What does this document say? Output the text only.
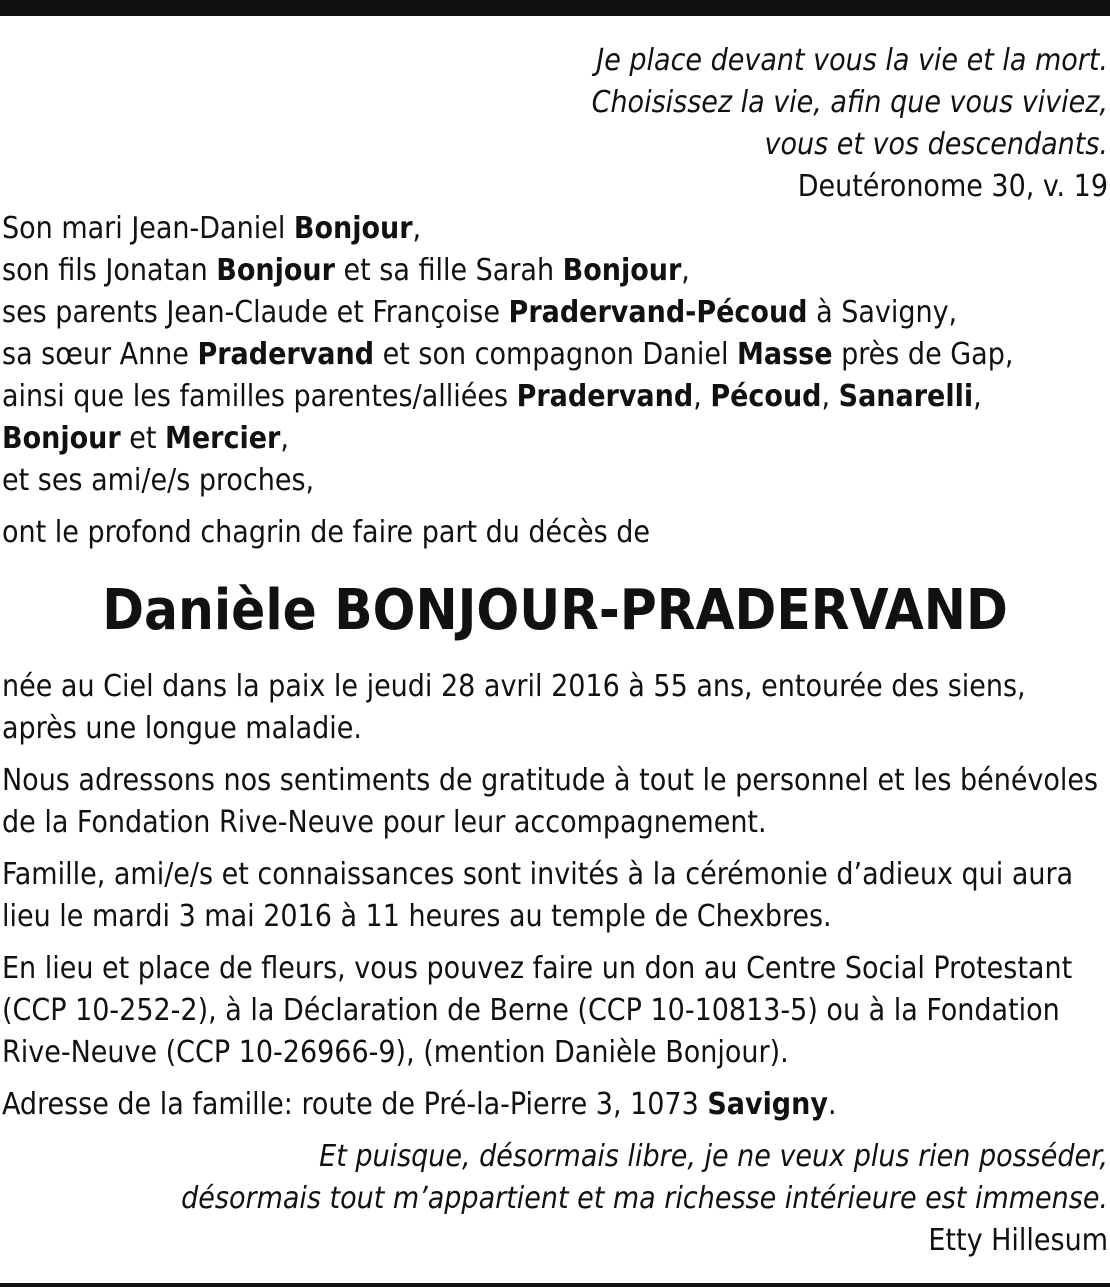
Je place devant vous la vie et la mort.
Choisissez la vie, afin que vous viviez,
vous et vos descendants.
Deutéronome 30, v. 19
Son mari Jean-Daniel Bonjour,
son fils Jonatan Bonjour et sa fille Sarah Bonjour,
ses parents Jean-Claude et Françoise Pradervand-Pécoud à Savigny,
sa sœur Anne Pradervand et son compagnon Daniel Masse près de Gap,
ainsi que les familles parentes/alliées Pradervand, Pécoud, Sanarelli,
Bonjour et Mercier,
et ses ami/e/s proches,
ont le profond chagrin de faire part du décès de
Danièle BONJOUR-PRADERVAND
née au Ciel dans la paix le jeudi 28 avril 2016 à 55 ans, entourée des siens, après une longue maladie.
Nous adressons nos sentiments de gratitude à tout le personnel et les bénévoles de la Fondation Rive-Neuve pour leur accompagnement.
Famille, ami/e/s et connaissances sont invités à la cérémonie d’adieux qui aura lieu le mardi 3 mai 2016 à 11 heures au temple de Chexbres.
En lieu et place de fleurs, vous pouvez faire un don au Centre Social Protestant (CCP 10-252-2), à la Déclaration de Berne (CCP 10-10813-5) ou à la Fondation Rive-Neuve (CCP 10-26966-9), (mention Danièle Bonjour).
Adresse de la famille: route de Pré-la-Pierre 3, 1073 Savigny.
Et puisque, désormais libre, je ne veux plus rien posséder,
désormais tout m’appartient et ma richesse intérieure est immense.
Etty Hillesum
